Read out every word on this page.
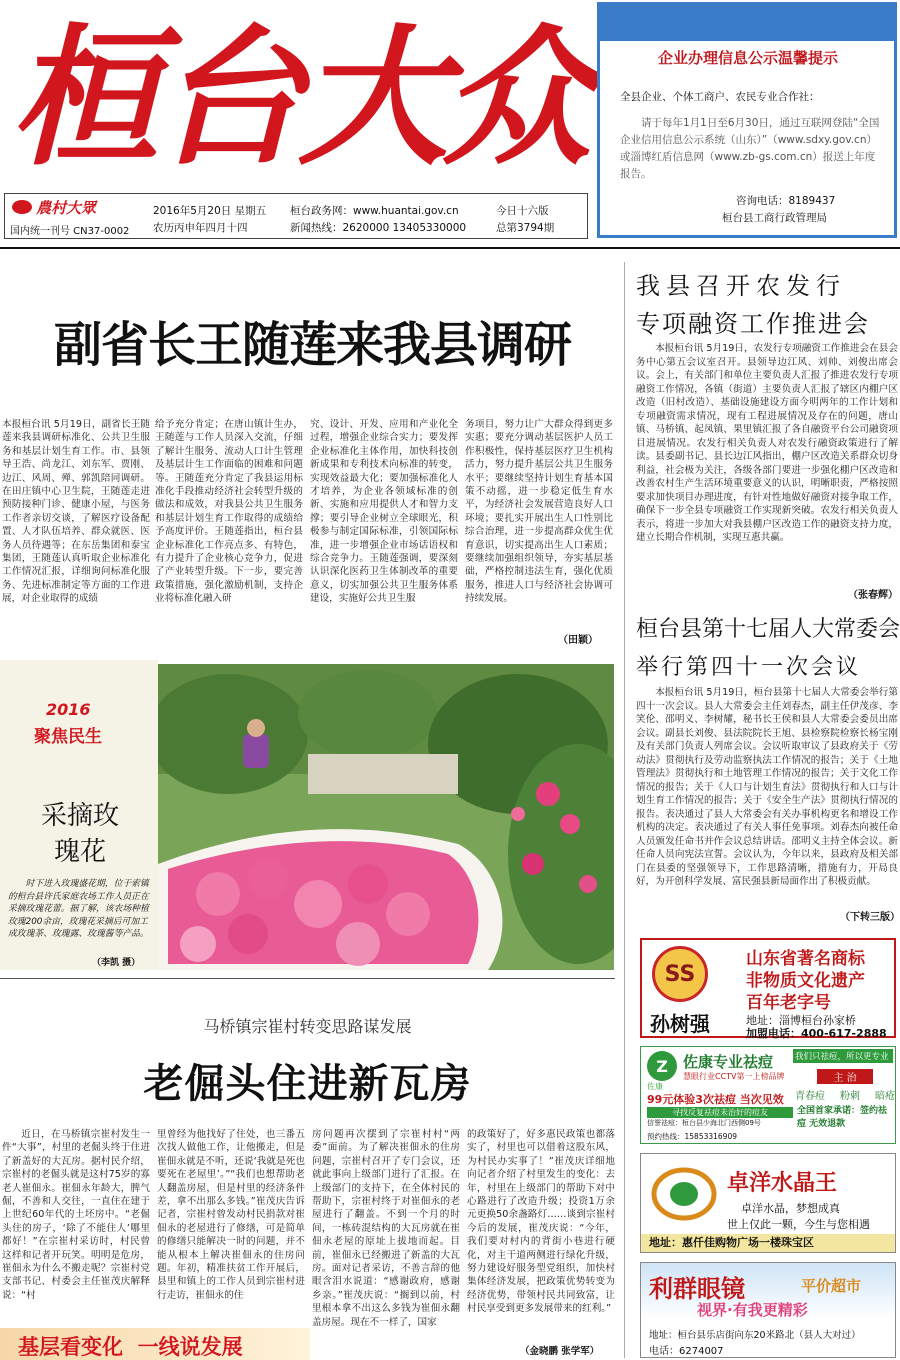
桓台大众
農村大眾
国内统一刊号 CN37-0002
2016年5月20日 星期五
农历丙申年四月十四
桓台政务网：www.huantai.gov.cn
新闻热线：2620000 13405330000
今日十六版
总第3794期
企业办理信息公示温馨提示
全县企业、个体工商户、农民专业合作社：
请于每年1月1日至6月30日，通过互联网登陆“全国企业信用信息公示系统（山东）”（www.sdxy.gov.cn）或淄博红盾信息网（www.zb-gs.com.cn）报送上年度报告。
咨询电话：8189437
桓台县工商行政管理局
副省长王随莲来我县调研

本报桓台讯 5月19日，副省长王随莲来我县调研标准化、公共卫生服务和基层计划生育工作。市、县领导王浩、尚龙江、刘东军、贾刚、边江、风周、殚、郭凯陪同调研。在田庄镇中心卫生院，王随莲走进预防接种门诊、健康小屋，与医务工作者亲切交谈，了解医疗设备配置、人才队伍培养、群众就医、医务人员待遇等；在东岳集团和泰宝集团，王随莲认真听取企业标准化工作情况汇报，详细询问标准化服务、先进标准制定等方面的工作进展，对企业取得的成绩

给予充分肯定；在唐山镇计生办，王随莲与工作人员深入交流，仔细了解计生服务、流动人口计生管理及基层计生工作面临的困难和问题等。王随莲充分肯定了我县运用标准化手段推动经济社会转型升级的做法和成效，对我县公共卫生服务和基层计划生育工作取得的成绩给予高度评价。王随莲指出，桓台县企业标准化工作亮点多、有特色，有力提升了企业核心竞争力，促进了产业转型升级。下一步，要完善政策措施，强化激励机制，支持企业将标准化融入研

究、设计、开发、应用和产业化全过程，增强企业综合实力；要发挥企业标准化主体作用，加快科技创新成果和专利技术向标准的转变，实现效益最大化；要加强标准化人才培养，为企业各领域标准的创新、实施和应用提供人才和智力支撑；要引导企业树立全球眼光，积极参与制定国际标准，引领国际标准，进一步增强企业市场话语权和综合竞争力。王随莲强调，要深刻认识深化医药卫生体制改革的重要意义，切实加强公共卫生服务体系建设，实施好公共卫生服

务项目，努力让广大群众得到更多实惠；要充分调动基层医护人员工作积极性，保持基层医疗卫生机构活力，努力提升基层公共卫生服务水平；要继续坚持计划生育基本国策不动摇，进一步稳定低生育水平，为经济社会发展营造良好人口环境；要扎实开展出生人口性别比综合治理，进一步提高群众优生优育意识，切实提高出生人口素质；要继续加强组织领导，夯实基层基础，严格控制违法生育，强化优质服务，推进人口与经济社会协调可持续发展。

（田颖）
2016
聚焦民生
采摘玫瑰花
时下进入玫瑰盛花期，位于索镇的桓台县许氏家庭农场工作人员正在采摘玫瑰花蕾。据了解，该农场种植玫瑰200余亩，玫瑰花采摘后可加工成玫瑰茶、玫瑰露、玫瑰酱等产品。
（李凯 摄）
马桥镇宗崔村转变思路谋发展
老倔头住进新瓦房

近日，在马桥镇宗崔村发生一件“大事”，村里的老倔头终于住进了新盖好的大瓦房。据村民介绍，宗崔村的老倔头就是这村75岁的寡老人崔佃永。崔佃永年龄大，脾气倔，不善和人交往，一直住在建于上世纪60年代的土坯房中。“老倔头住的房子，‘除了不能住人’哪里都好！”在宗崔村采访时，村民曾这样和记者开玩笑。明明是危房，崔佃永为什么不搬走呢？宗崔村党支部书记、村委会主任崔茂庆解释说：“村

里曾经为他找好了住处，也三番五次找人做他工作，让他搬走，但是崔佃永就是不听，还说‘我就是死也要死在老屋里’。”“我们也想帮助老人翻盖房屋，但是村里的经济条件差，拿不出那么多钱。”崔茂庆告诉记者，宗崔村曾发动村民捐款对崔佃永的老屋进行了修缮，可是简单的修缮只能解决一时的问题，并不能从根本上解决崔佃永的住房问题。年初，精准扶贫工作开展后，县里和镇上的工作人员到宗崔村进行走访，崔佃永的住

房问题再次摆到了宗崔村村“两委”面前。为了解决崔佃永的住房问题，宗崔村召开了专门会议，还就此事向上级部门进行了汇报。在上级部门的支持下，在全体村民的帮助下，宗崔村终于对崔佃永的老屋进行了翻盖。不到一个月的时间，一栋砖混结构的大瓦房就在崔佃永老屋的原址上拔地而起。目前，崔佃永已经搬进了新盖的大瓦房。面对记者采访，不善言辞的他眼含泪水说道：“感谢政府，感谢乡亲。”崔茂庆说：“搁到以前，村里根本拿不出这么多钱为崔佃永翻盖房屋。现在不一样了，国家

的政策好了，好多惠民政策也都落实了，村里也可以借着这股东风，为村民办实事了！”崔茂庆详细地向记者介绍了村里发生的变化：去年，村里在上级部门的帮助下对中心路进行了改造升级；投资1万余元更换50余盏路灯……谈到宗崔村今后的发展，崔茂庆说：“今年，我们要对村内的背街小巷进行硬化，对主干道两侧进行绿化升级，努力建设好服务型党组织，加快村集体经济发展，把政策优势转变为经济优势，带领村民共同致富，让村民享受到更多发展带来的红利。”

（金晓鹏 张学军）
基层看变化  一线说发展
我县召开农发行
专项融资工作推进会

本报桓台讯 5月19日，农发行专项融资工作推进会在县会务中心第五会议室召开。县领导边江风、刘帅、刘俊出席会议。会上，有关部门和单位主要负责人汇报了推进农发行专项融资工作情况，各镇（街道）主要负责人汇报了辖区内棚户区改造（旧村改造）、基础设施建设方面今明两年的工作计划和专项融资需求情况，现有工程进展情况及存在的问题，唐山镇、马桥镇、起凤镇、果里镇汇报了各自融资平台公司融资项目进展情况。农发行相关负责人对农发行融资政策进行了解读。县委副书记、县长边江风指出，棚户区改造关系群众切身利益，社会极为关注，各级各部门要进一步强化棚户区改造和改善农村生产生活环境重要意义的认识，明晰职责，严格按照要求加快项目办理进度，有针对性地做好融资对接争取工作，确保下一步全县专项融资工作实现新突破。农发行相关负责人表示，将进一步加大对我县棚户区改造工作的融资支持力度，建立长期合作机制，实现互惠共赢。

（张春辉）
桓台县第十七届人大常委会
举行第四十一次会议

本报桓台讯 5月19日，桓台县第十七届人大常委会举行第四十一次会议。县人大常委会主任刘春杰，副主任伊茂彦、李笑伦、邵明义、李树耀，秘书长王侯和县人大常委会委员出席会议。副县长刘俊、县法院院长王旭、县检察院检察长杨宝刚及有关部门负责人列席会议。会议听取审议了县政府关于《劳动法》贯彻执行及劳动监察执法工作情况的报告；关于《土地管理法》贯彻执行和土地管理工作情况的报告；关于文化工作情况的报告；关于《人口与计划生育法》贯彻执行和人口与计划生育工作情况的报告；关于《安全生产法》贯彻执行情况的报告。表决通过了县人大常委会有关办事机构更名和增设工作机构的决定。表决通过了有关人事任免事项。刘春杰向被任命人员颁发任命书并作会议总结讲话。邵明义主持全体会议。新任命人员向宪法宣誓。会议认为，今年以来，县政府及相关部门在县委的坚强领导下，工作思路清晰，措施有力，开局良好，为开创科学发展、富民强县新局面作出了积极贡献。

（下转三版）
SS
孙树强
山东省著名商标
非物质文化遗产
百年老字号
地址：淄博桓台孙家桥
加盟电话：400-617-2888
Z
佐康
佐康专业祛痘
慧眼行业CCTV第一上榜品牌
99元体验3次祛痘 当次见效
寻找反复祛痘未治好的痘友
信誉祛痘：桓台县少海北门西侧09号
预约热线：15853316909
我们只祛痘，所以更专业
主 治
青春痘 粉刺 暗疮
全国首家承诺：签约祛痘 无效退款
卓洋水晶王
卓洋水晶，梦想成真
世上仅此一颗，今生与您相遇
地址：惠仟佳购物广场一楼珠宝区
利群眼镜	平价超市
视界·有我更精彩
地址：桓台县乐店街向东20米路北（县人大对过）
电话：6274007
